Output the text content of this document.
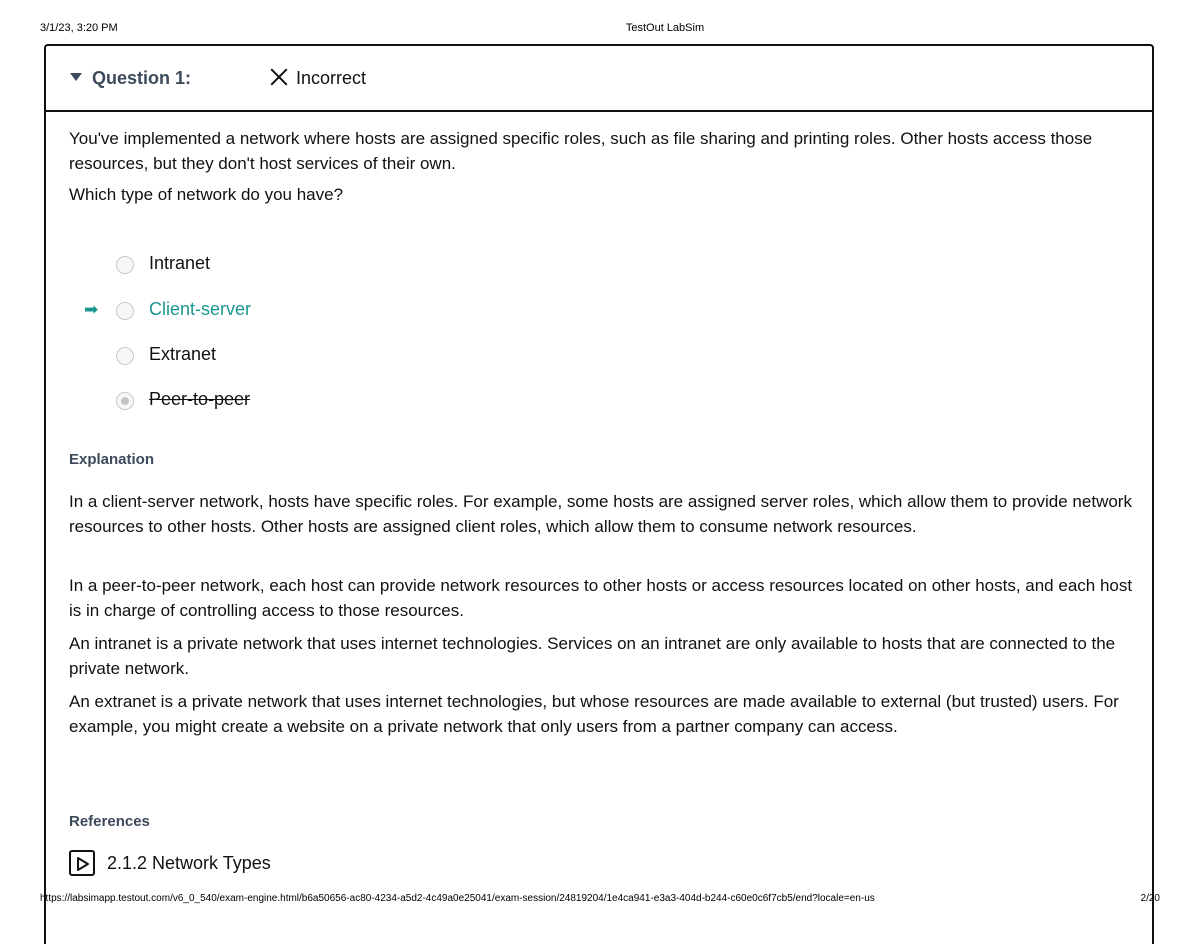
3/1/23, 3:20 PM	TestOut LabSim
Question 1:	Incorrect

You've implemented a network where hosts are assigned specific roles, such as file sharing and printing roles. Other hosts access those resources, but they don't host services of their own.

Which type of network do you have?
Intranet
➡	Client-server
Extranet
Peer-to-peer
Explanation

In a client-server network, hosts have specific roles. For example, some hosts are assigned server roles, which allow them to provide network resources to other hosts. Other hosts are assigned client roles, which allow them to consume network resources.

In a peer-to-peer network, each host can provide network resources to other hosts or access resources located on other hosts, and each host is in charge of controlling access to those resources.

An intranet is a private network that uses internet technologies. Services on an intranet are only available to hosts that are connected to the private network.

An extranet is a private network that uses internet technologies, but whose resources are made available to external (but trusted) users. For example, you might create a website on a private network that only users from a partner company can access.

References
2.1.2 Network Types
https://labsimapp.testout.com/v6_0_540/exam-engine.html/b6a50656-ac80-4234-a5d2-4c49a0e25041/exam-session/24819204/1e4ca941-e3a3-404d-b244-c60e0c6f7cb5/end?locale=en-us	2/20
